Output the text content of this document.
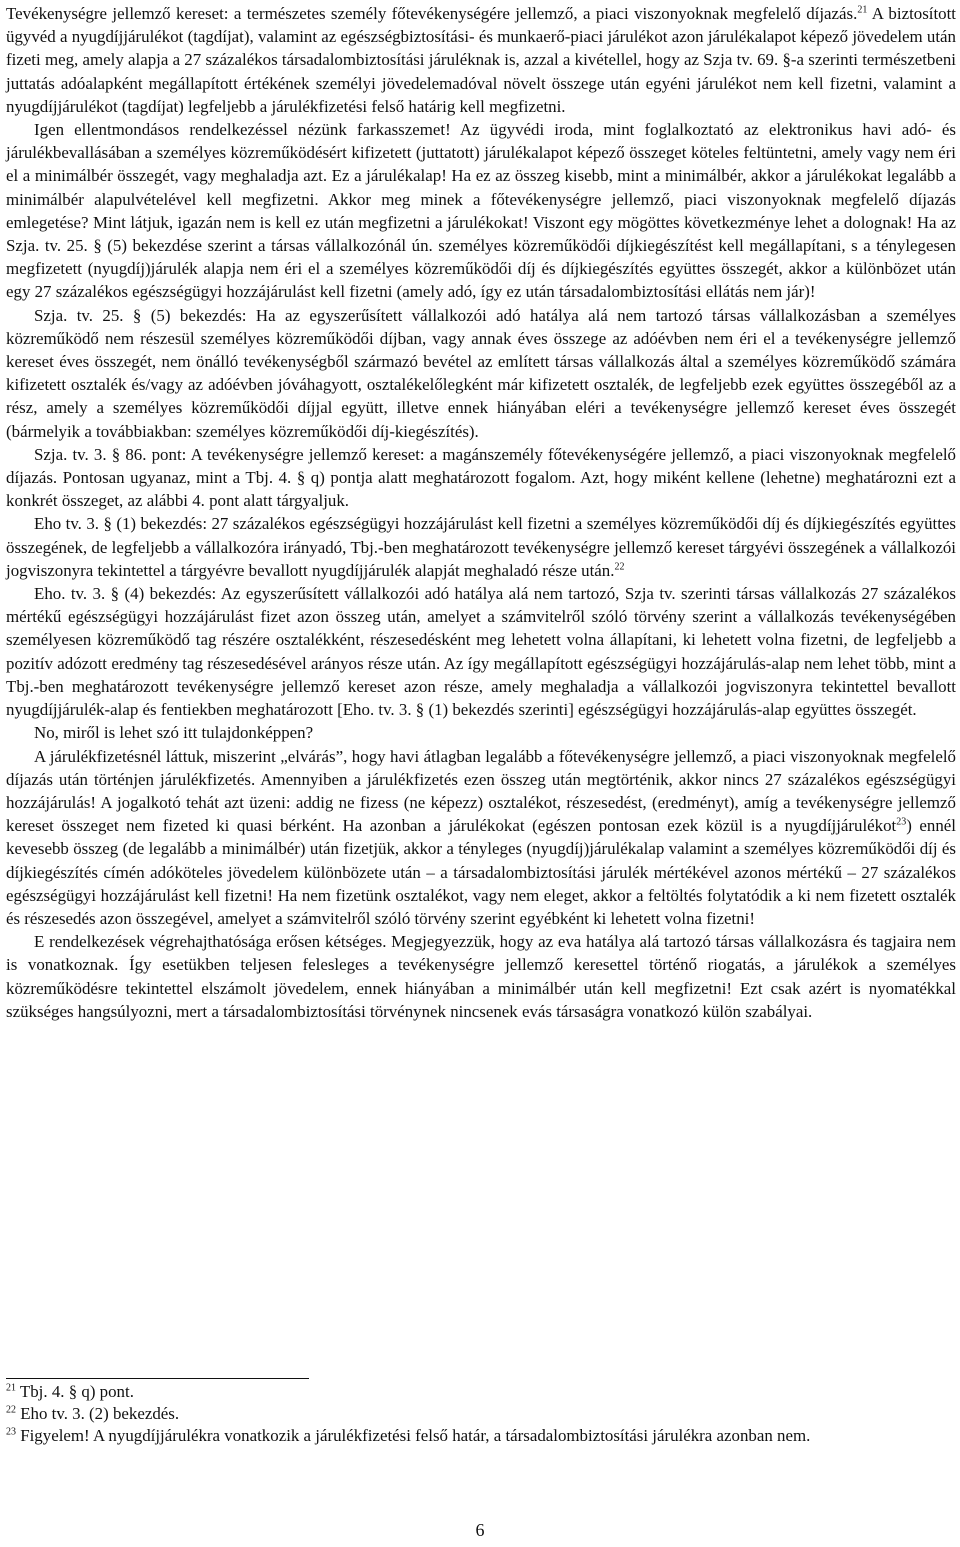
Tevékenységre jellemző kereset: a természetes személy főtevékenységére jellemző, a piaci viszonyoknak megfelelő díjazás.$^{21}$ A biztosított ügyvéd a nyugdíjjárulékot (tagdíjat), valamint az egészségbiztosítási- és munkaerő-piaci járulékot azon járulékalapot képező jövedelem után fizeti meg, amely alapja a 27 százalékos társadalombiztosítási járuléknak is, azzal a kivétellel, hogy az Szja tv. 69. §-a szerinti természetbeni juttatás adóalapként megállapított értékének személyi jövedelemadóval növelt összege után egyéni járulékot nem kell fizetni, valamint a nyugdíjjárulékot (tagdíjat) legfeljebb a járulékfizetési felső határig kell megfizetni.

Igen ellentmondásos rendelkezéssel nézünk farkasszemet! Az ügyvédi iroda, mint foglalkoztató az elektronikus havi adó- és járulékbevallásában a személyes közreműködésért kifizetett (juttatott) járulékalapot képező összeget köteles feltüntetni, amely vagy nem éri el a minimálbér összegét, vagy meghaladja azt. Ez a járulékalap! Ha ez az összeg kisebb, mint a minimálbér, akkor a járulékokat legalább a minimálbér alapulvételével kell megfizetni. Akkor meg minek a főtevékenységre jellemző, piaci viszonyoknak megfelelő díjazás emlegetése? Mint látjuk, igazán nem is kell ez után megfizetni a járulékokat! Viszont egy mögöttes következménye lehet a dolognak! Ha az Szja. tv. 25. § (5) bekezdése szerint a társas vállalkozónál ún. személyes közreműködői díjkiegészítést kell megállapítani, s a ténylegesen megfizetett (nyugdíj)járulék alapja nem éri el a személyes közreműködői díj és díjkiegészítés együttes összegét, akkor a különbözet után egy 27 százalékos egészségügyi hozzájárulást kell fizetni (amely adó, így ez után társadalombiztosítási ellátás nem jár)!

Szja. tv. 25. § (5) bekezdés: Ha az egyszerűsített vállalkozói adó hatálya alá nem tartozó társas vállalkozásban a személyes közreműködő nem részesül személyes közreműködői díjban, vagy annak éves összege az adóévben nem éri el a tevékenységre jellemző kereset éves összegét, nem önálló tevékenységből származó bevétel az említett társas vállalkozás által a személyes közreműködő számára kifizetett osztalék és/vagy az adóévben jóváhagyott, osztalékelőlegként már kifizetett osztalék, de legfeljebb ezek együttes összegéből az a rész, amely a személyes közreműködői díjjal együtt, illetve ennek hiányában eléri a tevékenységre jellemző kereset éves összegét (bármelyik a továbbiakban: személyes közreműködői díj-kiegészítés).

Szja. tv. 3. § 86. pont: A tevékenységre jellemző kereset: a magánszemély főtevékenységére jellemző, a piaci viszonyoknak megfelelő díjazás. Pontosan ugyanaz, mint a Tbj. 4. § q) pontja alatt meghatározott fogalom. Azt, hogy miként kellene (lehetne) meghatározni ezt a konkrét összeget, az alábbi 4. pont alatt tárgyaljuk.

Eho tv. 3. § (1) bekezdés: 27 százalékos egészségügyi hozzájárulást kell fizetni a személyes közreműködői díj és díjkiegészítés együttes összegének, de legfeljebb a vállalkozóra irányadó, Tbj.-ben meghatározott tevékenységre jellemző kereset tárgyévi összegének a vállalkozói jogviszonyra tekintettel a tárgyévre bevallott nyugdíjjárulék alapját meghaladó része után.$^{22}$

Eho. tv. 3. § (4) bekezdés: Az egyszerűsített vállalkozói adó hatálya alá nem tartozó, Szja tv. szerinti társas vállalkozás 27 százalékos mértékű egészségügyi hozzájárulást fizet azon összeg után, amelyet a számvitelről szóló törvény szerint a vállalkozás tevékenységében személyesen közreműködő tag részére osztalékként, részesedésként meg lehetett volna állapítani, ki lehetett volna fizetni, de legfeljebb a pozitív adózott eredmény tag részesedésével arányos része után. Az így megállapított egészségügyi hozzájárulás-alap nem lehet több, mint a Tbj.-ben meghatározott tevékenységre jellemző kereset azon része, amely meghaladja a vállalkozói jogviszonyra tekintettel bevallott nyugdíjjárulék-alap és fentiekben meghatározott [Eho. tv. 3. § (1) bekezdés szerinti] egészségügyi hozzájárulás-alap együttes összegét.

No, miről is lehet szó itt tulajdonképpen?

A járulékfizetésnél láttuk, miszerint „elvárás”, hogy havi átlagban legalább a főtevékenységre jellemző, a piaci viszonyoknak megfelelő díjazás után történjen járulékfizetés. Amennyiben a járulékfizetés ezen összeg után megtörténik, akkor nincs 27 százalékos egészségügyi hozzájárulás! A jogalkotó tehát azt üzeni: addig ne fizess (ne képezz) osztalékot, részesedést, (eredményt), amíg a tevékenységre jellemző kereset összeget nem fizeted ki quasi bérként. Ha azonban a járulékokat (egészen pontosan ezek közül is a nyugdíjjárulékot$^{23}$) ennél kevesebb összeg (de legalább a minimálbér) után fizetjük, akkor a tényleges (nyugdíj)járulékalap valamint a személyes közreműködői díj és díjkiegészítés címén adóköteles jövedelem különbözete után – a társadalombiztosítási járulék mértékével azonos mértékű – 27 százalékos egészségügyi hozzájárulást kell fizetni! Ha nem fizetünk osztalékot, vagy nem eleget, akkor a feltöltés folytatódik a ki nem fizetett osztalék és részesedés azon összegével, amelyet a számvitelről szóló törvény szerint egyébként ki lehetett volna fizetni!

E rendelkezések végrehajthatósága erősen kétséges. Megjegyezzük, hogy az eva hatálya alá tartozó társas vállalkozásra és tagjaira nem is vonatkoznak. Így esetükben teljesen felesleges a tevékenységre jellemző keresettel történő riogatás, a járulékok a személyes közreműködésre tekintettel elszámolt jövedelem, ennek hiányában a minimálbér után kell megfizetni! Ezt csak azért is nyomatékkal szükséges hangsúlyozni, mert a társadalombiztosítási törvénynek nincsenek evás társaságra vonatkozó külön szabályai.

$^{21}$ Tbj. 4. § q) pont.

$^{22}$ Eho tv. 3. (2) bekezdés.

$^{23}$ Figyelem! A nyugdíjjárulékra vonatkozik a járulékfizetési felső határ, a társadalombiztosítási járulékra azonban nem.

6
